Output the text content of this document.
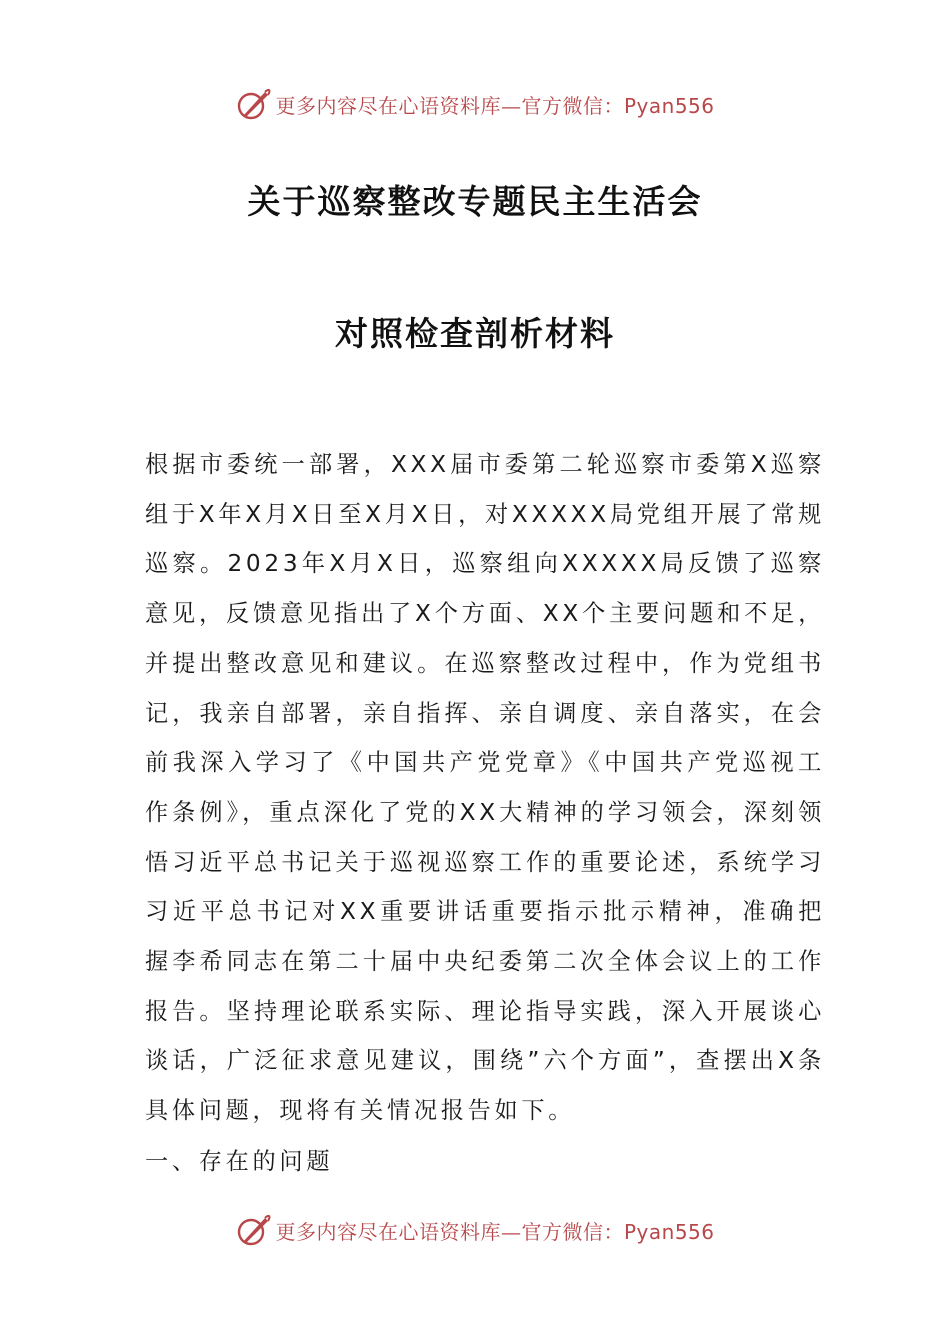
更多内容尽在心语资料库—官方微信：Pyan556
关于巡察整改专题民主生活会
对照检查剖析材料

根据市委统一部署，XXX届市委第二轮巡察市委第X巡察组于X年X月X日至X月X日，对XXXXX局党组开展了常规巡察。2023年X月X日，巡察组向XXXXX局反馈了巡察意见，反馈意见指出了X个方面、XX个主要问题和不足，并提出整改意见和建议。在巡察整改过程中，作为党组书记，我亲自部署，亲自指挥、亲自调度、亲自落实，在会前我深入学习了《中国共产党党章》《中国共产党巡视工作条例》，重点深化了党的XX大精神的学习领会，深刻领悟习近平总书记关于巡视巡察工作的重要论述，系统学习习近平总书记对XX重要讲话重要指示批示精神，准确把握李希同志在第二十届中央纪委第二次全体会议上的工作报告。坚持理论联系实际、理论指导实践，深入开展谈心谈话，广泛征求意见建议，围绕”六个方面”，查摆出X条具体问题，现将有关情况报告如下。

一、存在的问题

更多内容尽在心语资料库—官方微信：Pyan556
